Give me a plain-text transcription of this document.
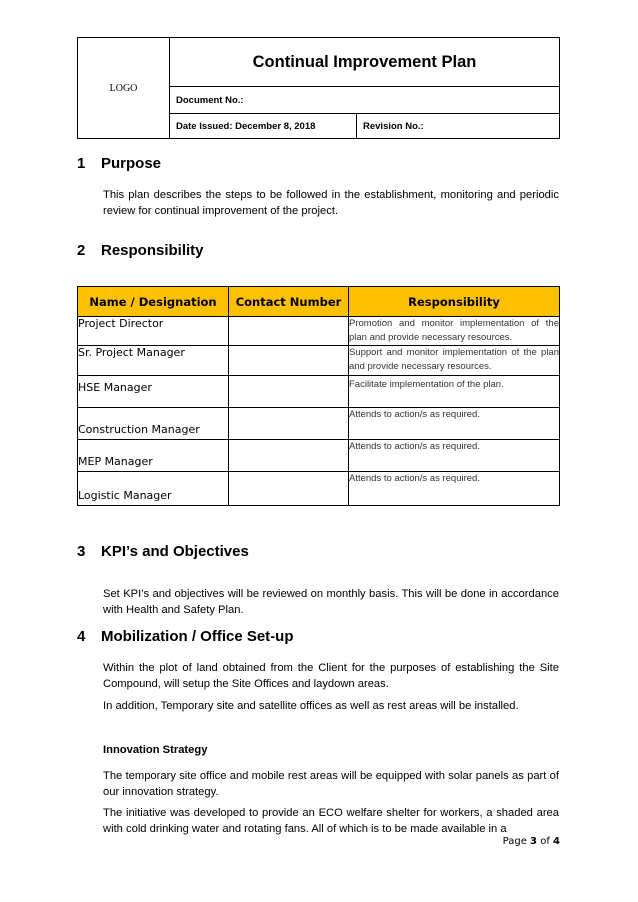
LOGO	Continual Improvement Plan	
	Document No.:	
	Date Issued: December 8, 2018	Revision No.:
1 Purpose

This plan describes the steps to be followed in the establishment, monitoring and periodic review for continual improvement of the project.

2 Responsibility
Name / Designation	Contact Number	Responsibility
Project Director		Promotion and monitor implementation of the plan and provide necessary resources.
Sr. Project Manager		Support and monitor implementation of the plan and provide necessary resources.
HSE Manager		Facilitate implementation of the plan.
Construction Manager		Attends to action/s as required.
MEP Manager		Attends to action/s as required.
Logistic Manager		Attends to action/s as required.
3 KPI’s and Objectives

Set KPI’s and objectives will be reviewed on monthly basis. This will be done in accordance with Health and Safety Plan.

4 Mobilization / Office Set-up

Within the plot of land obtained from the Client for the purposes of establishing the Site Compound, will setup the Site Offices and laydown areas.

In addition, Temporary site and satellite offices as well as rest areas will be installed.

Innovation Strategy

The temporary site office and mobile rest areas will be equipped with solar panels as part of our innovation strategy.

The initiative was developed to provide an ECO welfare shelter for workers, a shaded area with cold drinking water and rotating fans. All of which is to be made available in a

Page 3 of 4
